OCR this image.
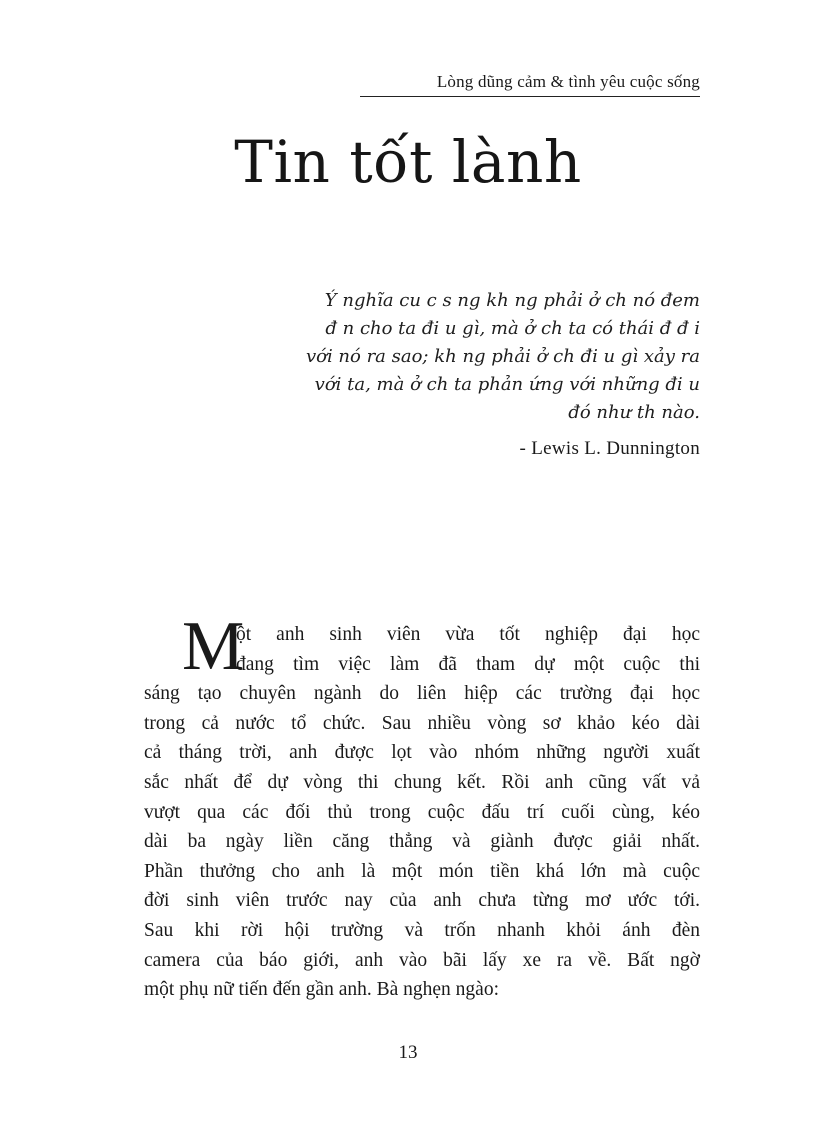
Lòng dũng cảm & tình yêu cuộc sống
Tin tốt lành
Ý nghĩa cu c s ng kh ng phải ở ch nó đem
đ n cho ta đi u gì, mà ở ch ta có thái đ đ i
với nó ra sao; kh ng phải ở ch đi u gì xảy ra
với ta, mà ở ch ta phản ứng với những đi u
đó như th nào.
- Lewis L. Dunnington
M
ột anh sinh viên vừa tốt nghiệp đại học
đang tìm việc làm đã tham dự một cuộc thi
sáng tạo chuyên ngành do liên hiệp các trường đại học
trong cả nước tổ chức. Sau nhiều vòng sơ khảo kéo dài
cả tháng trời, anh được lọt vào nhóm những người xuất
sắc nhất để dự vòng thi chung kết. Rồi anh cũng vất vả
vượt qua các đối thủ trong cuộc đấu trí cuối cùng, kéo
dài ba ngày liền căng thẳng và giành được giải nhất.
Phần thưởng cho anh là một món tiền khá lớn mà cuộc
đời sinh viên trước nay của anh chưa từng mơ ước tới.
Sau khi rời hội trường và trốn nhanh khỏi ánh đèn
camera của báo giới, anh vào bãi lấy xe ra về. Bất ngờ
một phụ nữ tiến đến gần anh. Bà nghẹn ngào:
13
